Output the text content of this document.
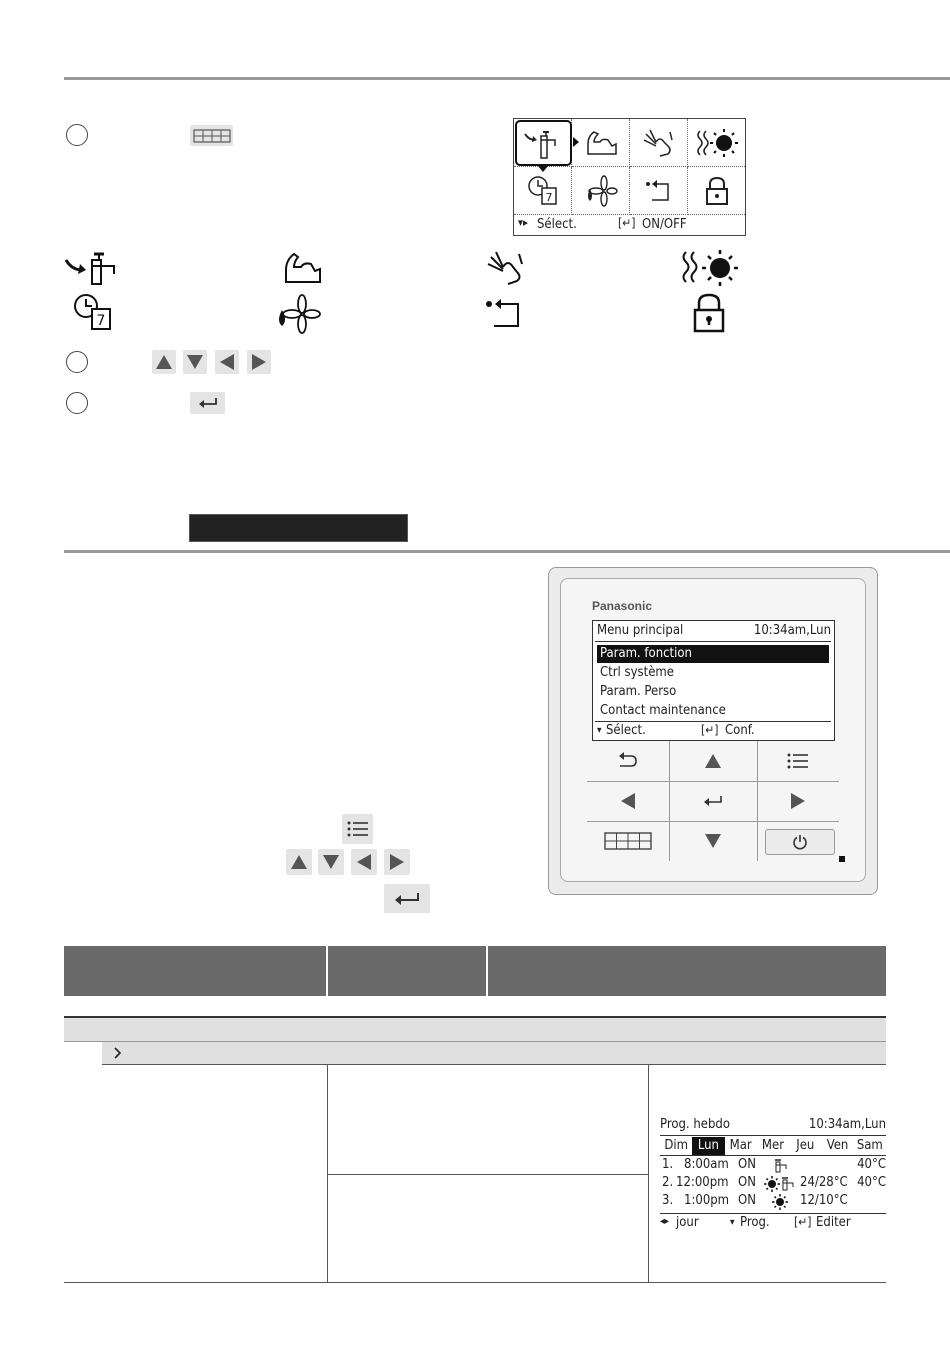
7
▾▸ Sélect.	[↵] ON/OFF
7
Panasonic
Menu principal	10:34am,Lun
Param. fonction
Ctrl système
Param. Perso
Contact maintenance
▾ Sélect.	[↵] Conf.
Prog. hebdo	10:34am,Lun
Dim Lun Mar Mer Jeu Ven Sam
1. 8:00am ON	40°C
2. 12:00pm ON	24/28°C 40°C
3. 1:00pm ON	12/10°C
◂▸ jour	▾ Prog. [↵] Editer
